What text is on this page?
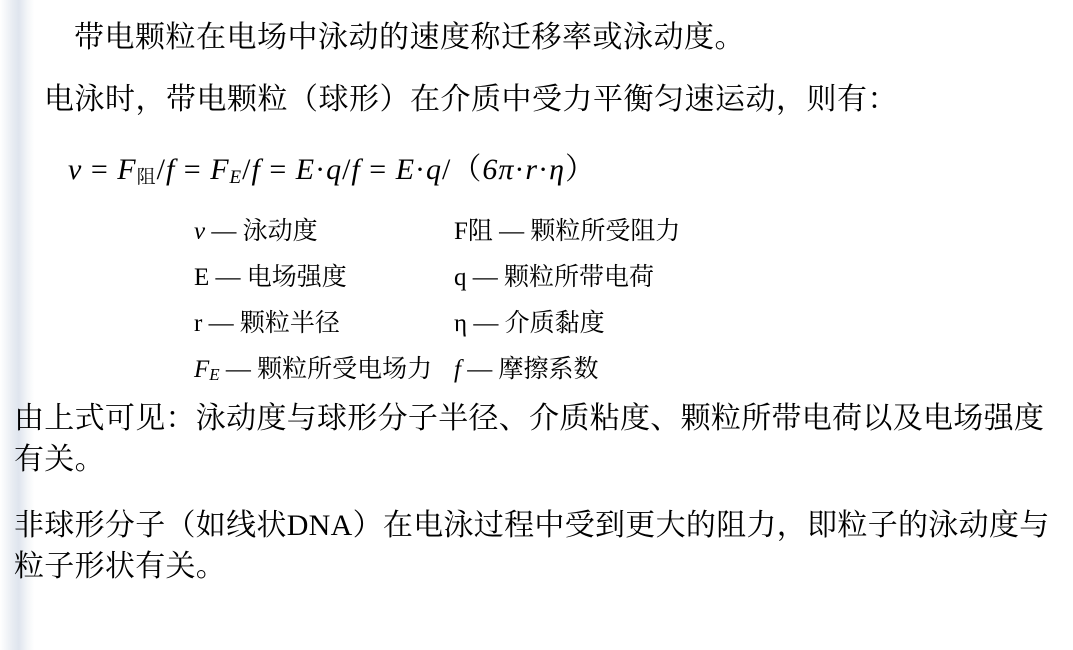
带电颗粒在电场中泳动的速度称迁移率或泳动度。
电泳时，带电颗粒（球形）在介质中受力平衡匀速运动，则有：
$v = F_阻/f = FE/f = E\cdot q/f = E\cdot q/(6\pi\cdot r\cdot\eta)$
ν — 泳动度	F阻 — 颗粒所受阻力
E — 电场强度	q — 颗粒所带电荷
r — 颗粒半径	η — 介质黏度
FE — 颗粒所受电场力 f — 摩擦系数
由上式可见：泳动度与球形分子半径、介质粘度、颗粒所带电荷以及电场强度有关。
非球形分子（如线状DNA）在电泳过程中受到更大的阻力，即粒子的泳动度与粒子形状有关。
